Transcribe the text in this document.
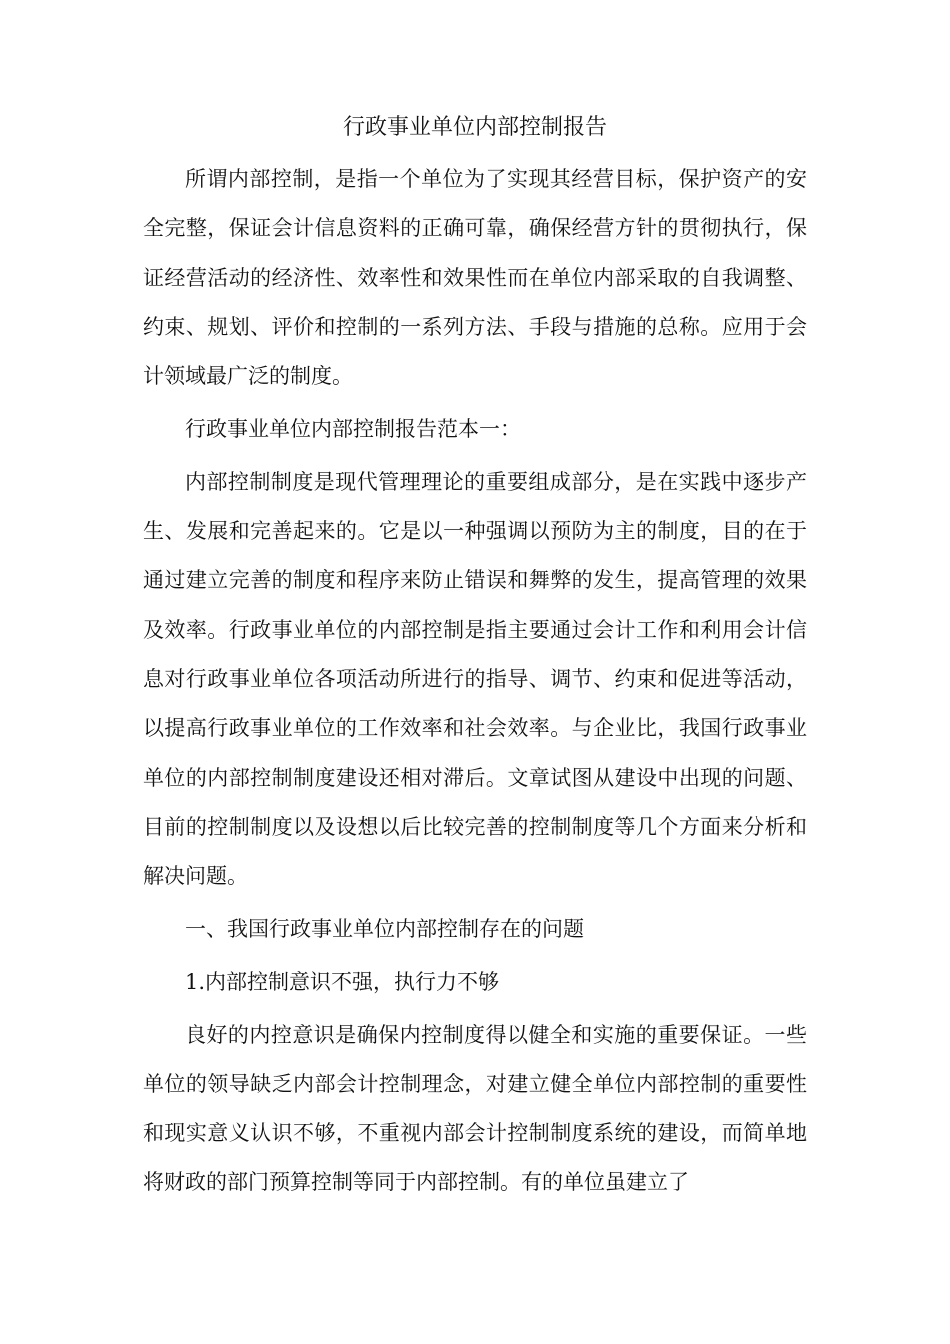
行政事业单位内部控制报告

所谓内部控制，是指一个单位为了实现其经营目标，保护资产的安全完整，保证会计信息资料的正确可靠，确保经营方针的贯彻执行，保证经营活动的经济性、效率性和效果性而在单位内部采取的自我调整、约束、规划、评价和控制的一系列方法、手段与措施的总称。应用于会计领域最广泛的制度。

行政事业单位内部控制报告范本一：

内部控制制度是现代管理理论的重要组成部分，是在实践中逐步产生、发展和完善起来的。它是以一种强调以预防为主的制度，目的在于通过建立完善的制度和程序来防止错误和舞弊的发生，提高管理的效果及效率。行政事业单位的内部控制是指主要通过会计工作和利用会计信息对行政事业单位各项活动所进行的指导、调节、约束和促进等活动，以提高行政事业单位的工作效率和社会效率。与企业比，我国行政事业单位的内部控制制度建设还相对滞后。文章试图从建设中出现的问题、目前的控制制度以及设想以后比较完善的控制制度等几个方面来分析和解决问题。

一、我国行政事业单位内部控制存在的问题

1.内部控制意识不强，执行力不够

良好的内控意识是确保内控制度得以健全和实施的重要保证。一些单位的领导缺乏内部会计控制理念，对建立健全单位内部控制的重要性和现实意义认识不够，不重视内部会计控制制度系统的建设，而简单地将财政的部门预算控制等同于内部控制。有的单位虽建立了
